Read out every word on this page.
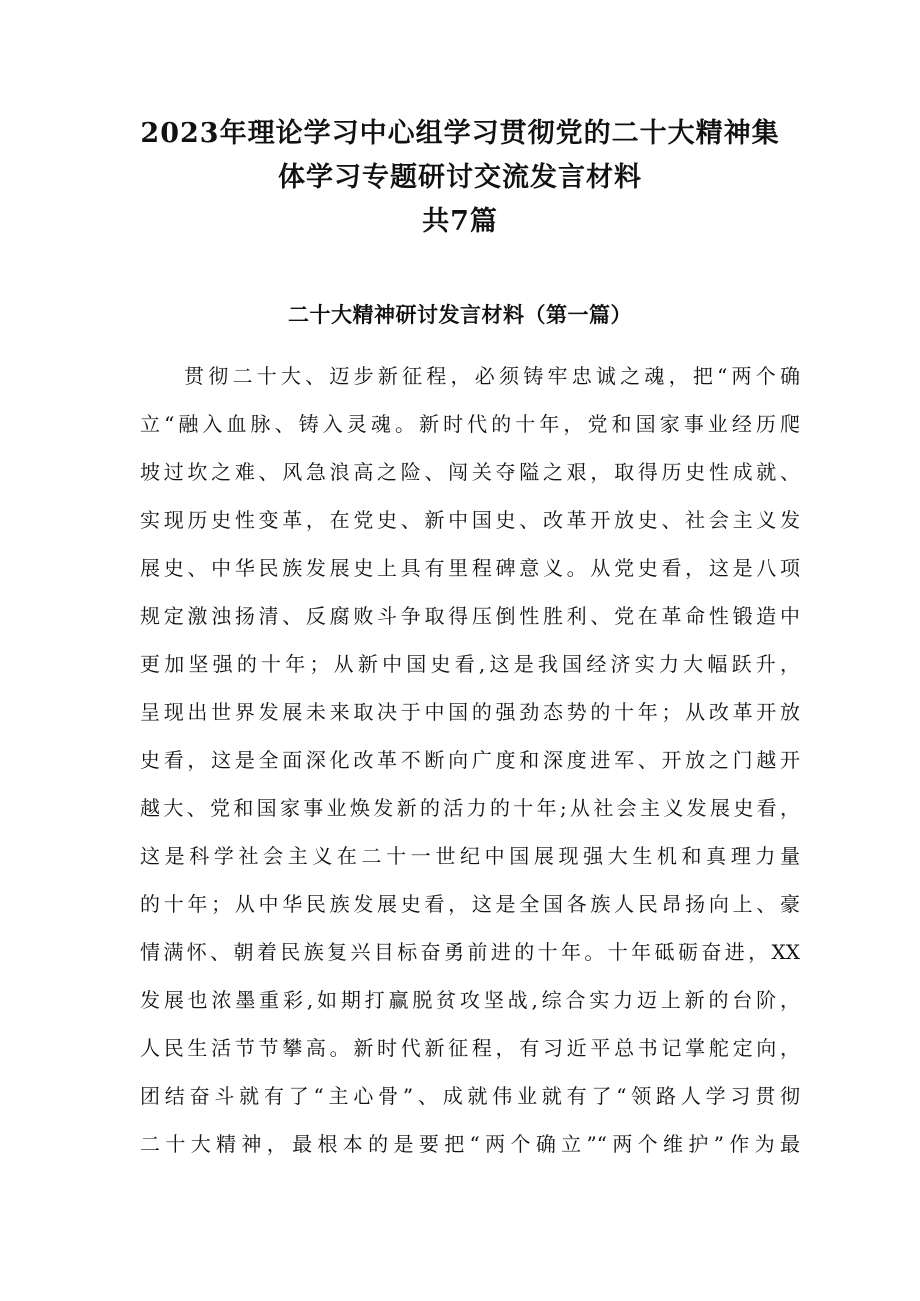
2023年理论学习中心组学习贯彻党的二十大精神集
体学习专题研讨交流发言材料
共7篇
二十大精神研讨发言材料（第一篇）
贯彻二十大、迈步新征程，必须铸牢忠诚之魂，把“两个确
立“融入血脉、铸入灵魂。新时代的十年，党和国家事业经历爬
坡过坎之难、风急浪高之险、闯关夺隘之艰，取得历史性成就、
实现历史性变革，在党史、新中国史、改革开放史、社会主义发
展史、中华民族发展史上具有里程碑意义。从党史看，这是八项
规定激浊扬清、反腐败斗争取得压倒性胜利、党在革命性锻造中
更加坚强的十年；从新中国史看,这是我国经济实力大幅跃升，
呈现出世界发展未来取决于中国的强劲态势的十年；从改革开放
史看，这是全面深化改革不断向广度和深度进军、开放之门越开
越大、党和国家事业焕发新的活力的十年;从社会主义发展史看，
这是科学社会主义在二十一世纪中国展现强大生机和真理力量
的十年；从中华民族发展史看，这是全国各族人民昂扬向上、豪
情满怀、朝着民族复兴目标奋勇前进的十年。十年砥砺奋进，XX
发展也浓墨重彩,如期打赢脱贫攻坚战,综合实力迈上新的台阶，
人民生活节节攀高。新时代新征程，有习近平总书记掌舵定向，
团结奋斗就有了“主心骨”、成就伟业就有了“领路人学习贯彻
二十大精神，最根本的是要把“两个确立”“两个维护”作为最
